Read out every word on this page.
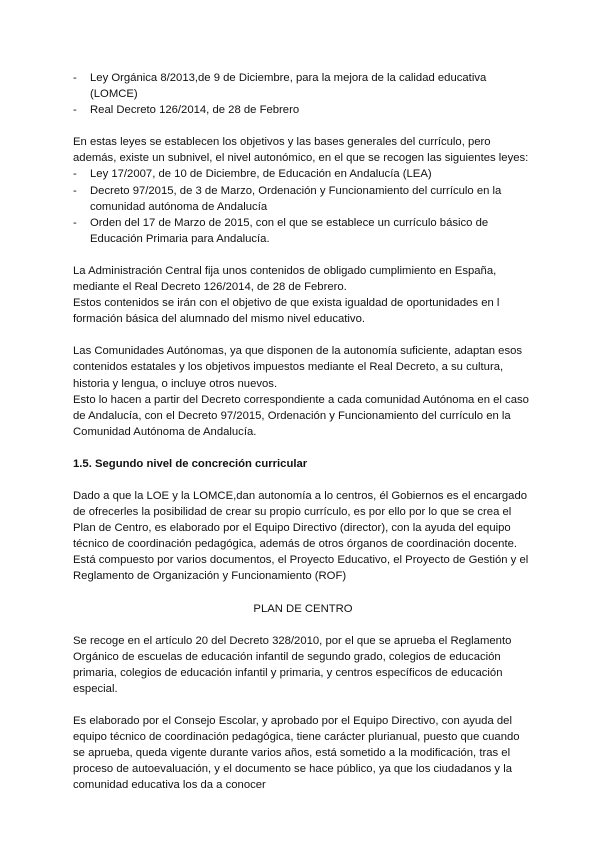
- Ley Orgánica 8/2013,de 9 de Diciembre, para la mejora de la calidad educativa (LOMCE)
- Real Decreto 126/2014, de 28 de Febrero

En estas leyes se establecen los objetivos y las bases generales del currículo, pero además, existe un subnivel, el nivel autonómico, en el que se recogen las siguientes leyes:

- Ley 17/2007, de 10 de Diciembre, de Educación en Andalucía (LEA)
- Decreto 97/2015, de 3 de Marzo, Ordenación y Funcionamiento del currículo en la comunidad autónoma de Andalucía
- Orden del 17 de Marzo de 2015, con el que se establece un currículo básico de Educación Primaria para Andalucía.

La Administración Central fija unos contenidos de obligado cumplimiento en España, mediante el Real Decreto 126/2014, de 28 de Febrero.

Estos contenidos se irán con el objetivo de que exista igualdad de oportunidades en l formación básica del alumnado del mismo nivel educativo.

Las Comunidades Autónomas, ya que disponen de la autonomía suficiente, adaptan esos contenidos estatales y los objetivos impuestos mediante el Real Decreto, a su cultura, historia y lengua, o incluye otros nuevos.

Esto lo hacen a partir del Decreto correspondiente a cada comunidad Autónoma en el caso de Andalucía, con el Decreto 97/2015, Ordenación y Funcionamiento del currículo en la Comunidad Autónoma de Andalucía.

1.5. Segundo nivel de concreción curricular

Dado a que la LOE y la LOMCE,dan autonomía a lo centros, él Gobiernos es el encargado de ofrecerles la posibilidad de crear su propio currículo, es por ello por lo que se crea el Plan de Centro, es elaborado por el Equipo Directivo (director), con la ayuda del equipo técnico de coordinación pedagógica, además de otros órganos de coordinación docente. Está compuesto por varios documentos, el Proyecto Educativo, el Proyecto de Gestión y el Reglamento de Organización y Funcionamiento (ROF)

PLAN DE CENTRO

Se recoge en el artículo 20 del Decreto 328/2010, por el que se aprueba el Reglamento Orgánico de escuelas de educación infantil de segundo grado, colegios de educación primaria, colegios de educación infantil y primaria, y centros específicos de educación especial.

Es elaborado por el Consejo Escolar, y aprobado por el Equipo Directivo, con ayuda del equipo técnico de coordinación pedagógica, tiene carácter plurianual, puesto que cuando se aprueba, queda vigente durante varios años, está sometido a la modificación, tras el proceso de autoevaluación, y el documento se hace público, ya que los ciudadanos y la comunidad educativa los da a conocer
